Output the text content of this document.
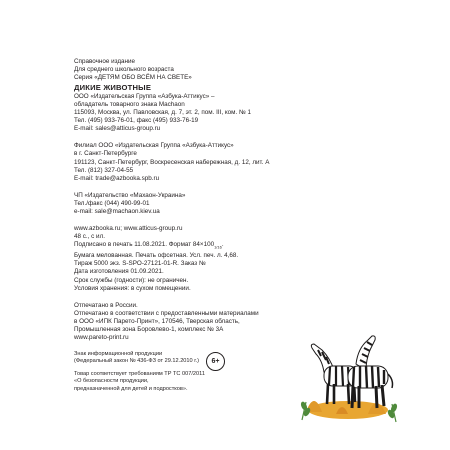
Справочное издание

Для среднего школьного возраста

Серия «ДЕТЯМ ОБО ВСЁМ НА СВЕТЕ»

ДИКИЕ ЖИВОТНЫЕ

ООО «Издательская Группа «Азбука-Аттикус» –

обладатель товарного знака Machaon

115093, Москва, ул. Павловская, д. 7, эт. 2, пом. III, ком. № 1

Тел. (495) 933-76-01, факс (495) 933-76-19

E-mail: sales@atticus-group.ru

Филиал ООО «Издательская Группа «Азбука-Аттикус»

в г. Санкт-Петербурге

191123, Санкт-Петербург, Воскресенская набережная, д. 12, лит. А

Тел. (812) 327-04-55

E-mail: trade@azbooka.spb.ru

ЧП «Издательство «Махаон-Украина»

Тел./факс (044) 490-99-01

e-mail: sale@machaon.kiev.ua

www.azbooka.ru; www.atticus-group.ru

48 с., с ил.

Подписано в печать 11.08.2021. Формат $84\times 100_{1/16}$.

Бумага мелованная. Печать офсетная. Усл. печ. л. 4,68.

Тираж 5000 экз. S-SPO-27121-01-R. Заказ №

Дата изготовления 01.09.2021.

Срок службы (годности): не ограничен.

Условия хранения: в сухом помещении.

Отпечатано в России.

Отпечатано в соответствии с предоставленными материалами

в ООО «ИПК Парето-Принт», 170546, Тверская область,

Промышленная зона Боровлево-1, комплекс № 3А

www.pareto-print.ru

Знак информационной продукции

(Федеральный закон № 436-ФЗ от 29.12.2010 г.)	6+

Товар соответствует требованиям ТР ТС 007/2011

«О безопасности продукции,

предназначенной для детей и подростков».
